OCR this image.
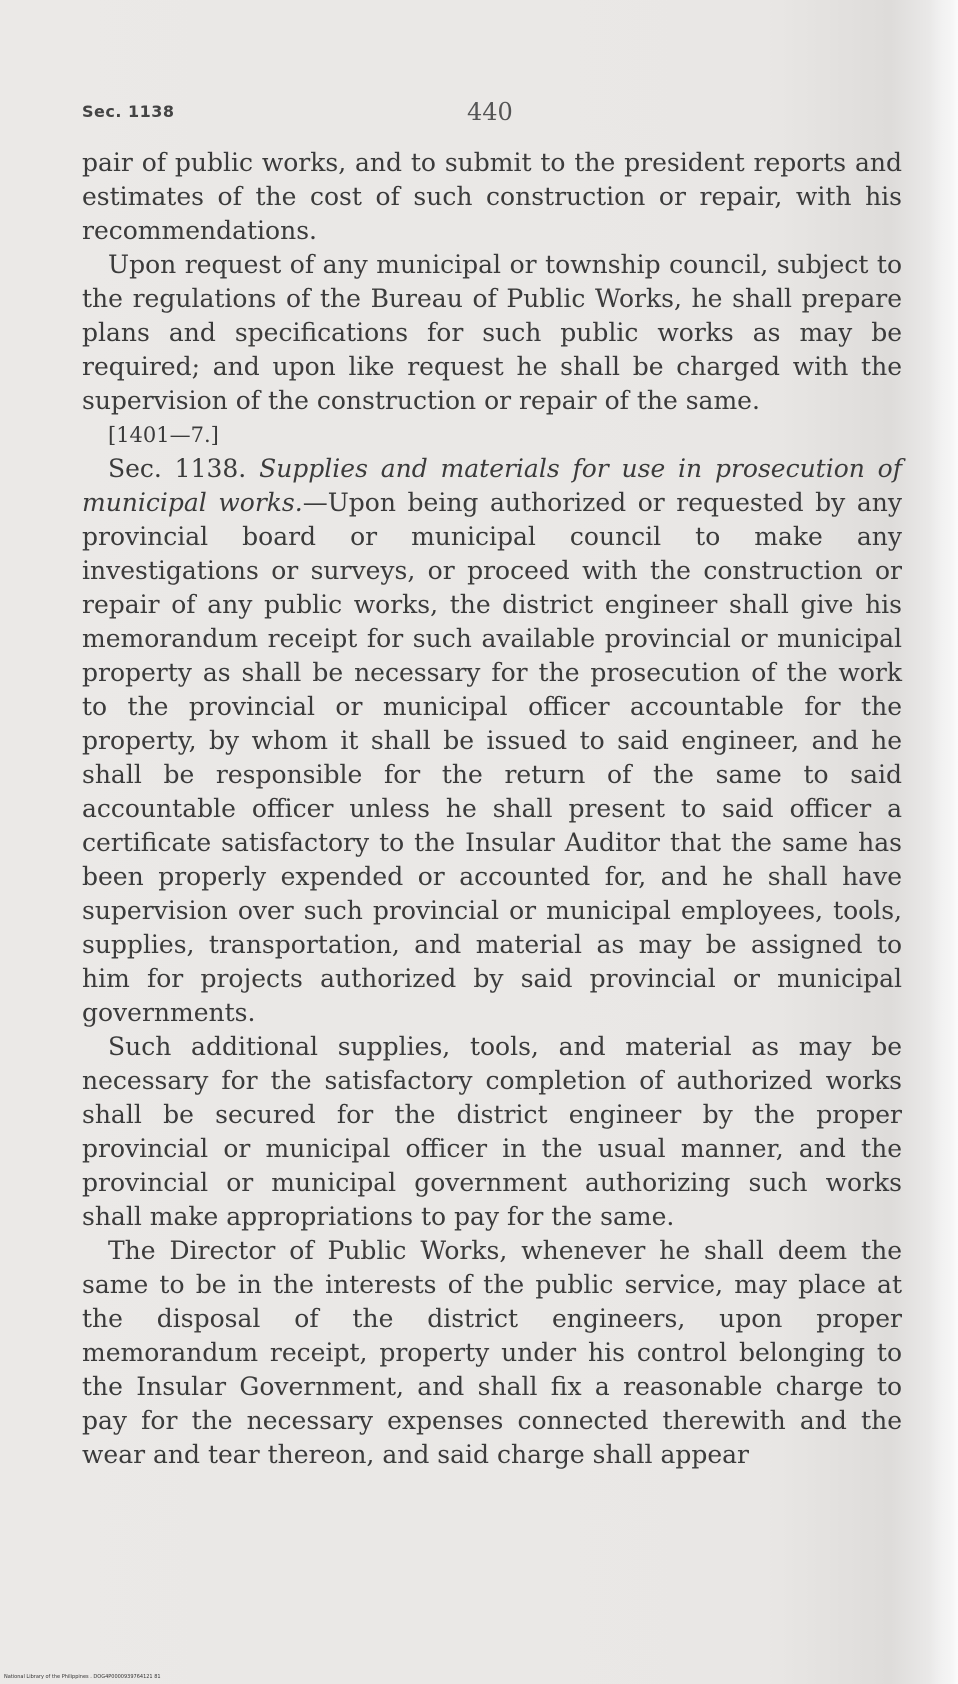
Sec. 1138	440

pair of public works, and to submit to the president reports and estimates of the cost of such construction or repair, with his recommendations.

Upon request of any municipal or township council, subject to the regulations of the Bureau of Public Works, he shall prepare plans and specifications for such public works as may be required; and upon like request he shall be charged with the supervision of the construction or repair of the same.

[1401—7.]

Sec. 1138. Supplies and materials for use in prosecution of municipal works.—Upon being authorized or requested by any provincial board or municipal council to make any investigations or surveys, or proceed with the construction or repair of any public works, the district engineer shall give his memorandum receipt for such available provincial or municipal property as shall be necessary for the prosecution of the work to the provincial or municipal officer accountable for the property, by whom it shall be issued to said engineer, and he shall be responsible for the return of the same to said accountable officer unless he shall present to said officer a certificate satisfactory to the Insular Auditor that the same has been properly expended or accounted for, and he shall have supervision over such provincial or municipal employees, tools, supplies, transportation, and material as may be assigned to him for projects authorized by said provincial or municipal governments.

Such additional supplies, tools, and material as may be necessary for the satisfactory completion of authorized works shall be secured for the district engineer by the proper provincial or municipal officer in the usual manner, and the provincial or municipal government authorizing such works shall make appropriations to pay for the same.

The Director of Public Works, whenever he shall deem the same to be in the interests of the public service, may place at the disposal of the district engineers, upon proper memorandum receipt, property under his control belonging to the Insular Government, and shall fix a reasonable charge to pay for the necessary expenses connected therewith and the wear and tear thereon, and said charge shall appear

National Library of the Philippines . DOG4P0000939764121 81
